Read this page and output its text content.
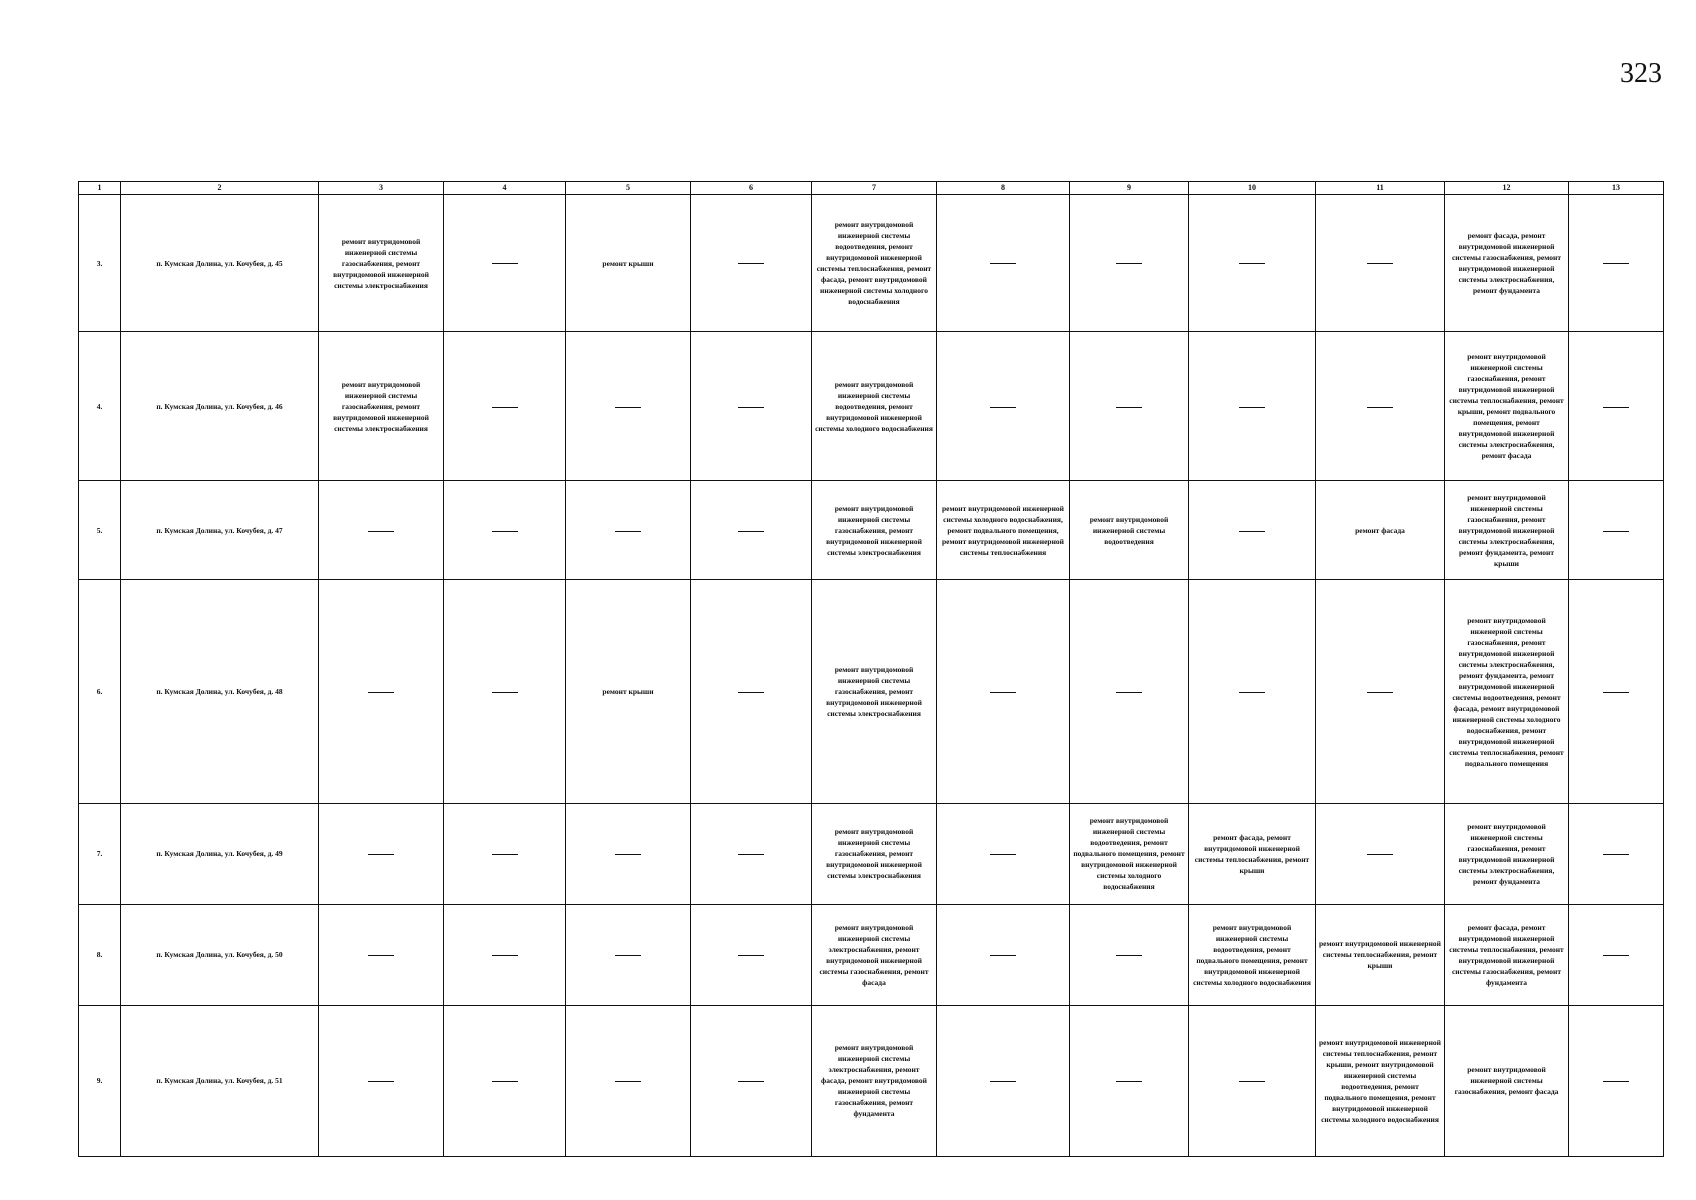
323
1	2	3	4	5	6	7	8	9	10	11	12	13
3.	п. Кумская Долина, ул. Кочубея, д. 45	ремонт внутридомовой инженерной системы газоснабжения, ремонт внутридомовой инженерной системы электроснабжения		ремонт крыши		ремонт внутридомовой инженерной системы водоотведения, ремонт внутридомовой инженерной системы теплоснабжения, ремонт фасада, ремонт внутридомовой инженерной системы холодного водоснабжения					ремонт фасада, ремонт внутридомовой инженерной системы газоснабжения, ремонт внутридомовой инженерной системы электроснабжения, ремонт фундамента	
4.	п. Кумская Долина, ул. Кочубея, д. 46	ремонт внутридомовой инженерной системы газоснабжения, ремонт внутридомовой инженерной системы электроснабжения				ремонт внутридомовой инженерной системы водоотведения, ремонт внутридомовой инженерной системы холодного водоснабжения					ремонт внутридомовой инженерной системы газоснабжения, ремонт внутридомовой инженерной системы теплоснабжения, ремонт крыши, ремонт подвального помещения, ремонт внутридомовой инженерной системы электроснабжения, ремонт фасада	
5.	п. Кумская Долина, ул. Кочубея, д. 47					ремонт внутридомовой инженерной системы газоснабжения, ремонт внутридомовой инженерной системы электроснабжения	ремонт внутридомовой инженерной системы холодного водоснабжения, ремонт подвального помещения, ремонт внутридомовой инженерной системы теплоснабжения	ремонт внутридомовой инженерной системы водоотведения		ремонт фасада	ремонт внутридомовой инженерной системы газоснабжения, ремонт внутридомовой инженерной системы электроснабжения, ремонт фундамента, ремонт крыши	
6.	п. Кумская Долина, ул. Кочубея, д. 48			ремонт крыши		ремонт внутридомовой инженерной системы газоснабжения, ремонт внутридомовой инженерной системы электроснабжения					ремонт внутридомовой инженерной системы газоснабжения, ремонт внутридомовой инженерной системы электроснабжения, ремонт фундамента, ремонт внутридомовой инженерной системы водоотведения, ремонт фасада, ремонт внутридомовой инженерной системы холодного водоснабжения, ремонт внутридомовой инженерной системы теплоснабжения, ремонт подвального помещения	
7.	п. Кумская Долина, ул. Кочубея, д. 49					ремонт внутридомовой инженерной системы газоснабжения, ремонт внутридомовой инженерной системы электроснабжения		ремонт внутридомовой инженерной системы водоотведения, ремонт подвального помещения, ремонт внутридомовой инженерной системы холодного водоснабжения	ремонт фасада, ремонт внутридомовой инженерной системы теплоснабжения, ремонт крыши		ремонт внутридомовой инженерной системы газоснабжения, ремонт внутридомовой инженерной системы электроснабжения, ремонт фундамента	
8.	п. Кумская Долина, ул. Кочубея, д. 50					ремонт внутридомовой инженерной системы электроснабжения, ремонт внутридомовой инженерной системы газоснабжения, ремонт фасада			ремонт внутридомовой инженерной системы водоотведения, ремонт подвального помещения, ремонт внутридомовой инженерной системы холодного водоснабжения	ремонт внутридомовой инженерной системы теплоснабжения, ремонт крыши	ремонт фасада, ремонт внутридомовой инженерной системы теплоснабжения, ремонт внутридомовой инженерной системы газоснабжения, ремонт фундамента	
9.	п. Кумская Долина, ул. Кочубея, д. 51					ремонт внутридомовой инженерной системы электроснабжения, ремонт фасада, ремонт внутридомовой инженерной системы газоснабжения, ремонт фундамента				ремонт внутридомовой инженерной системы теплоснабжения, ремонт крыши, ремонт внутридомовой инженерной системы водоотведения, ремонт подвального помещения, ремонт внутридомовой инженерной системы холодного водоснабжения	ремонт внутридомовой инженерной системы газоснабжения, ремонт фасада	
